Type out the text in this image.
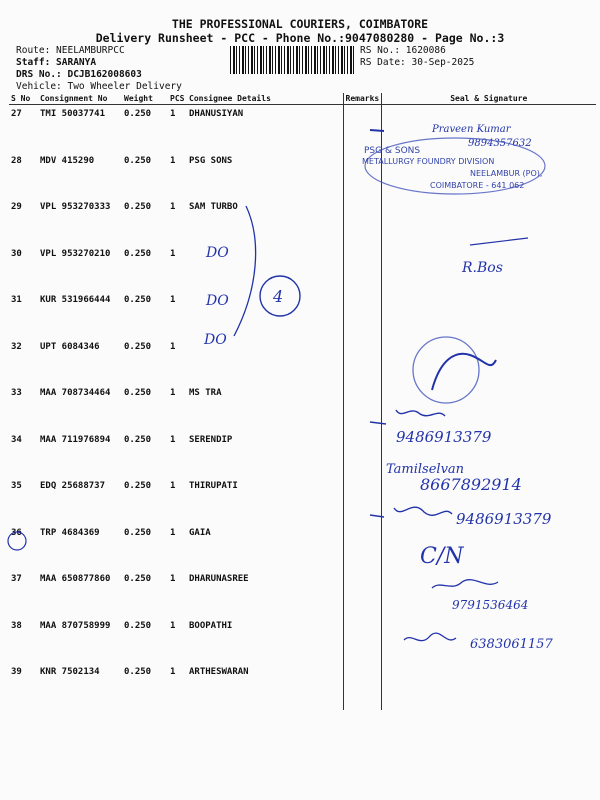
THE PROFESSIONAL COURIERS, COIMBATORE
Delivery Runsheet - PCC - Phone No.:9047080280 - Page No.:3
Route: NEELAMBURPCC
Staff: SARANYA
DRS No.: DCJB162008603
Vehicle: Two Wheeler Delivery
RS No.: 1620086
RS Date: 30-Sep-2025
S No	Consignment No	Weight	PCS	Consignee Details	Remarks	Seal & Signature
27	TMI 50037741	0.250	1	DHANUSIYAN		
28	MDV 415290	0.250	1	PSG SONS		
29	VPL 953270333	0.250	1	SAM TURBO		
30	VPL 953270210	0.250	1			
31	KUR 531966444	0.250	1			
32	UPT 6084346	0.250	1			
33	MAA 708734464	0.250	1	MS TRA		
34	MAA 711976894	0.250	1	SERENDIP		
35	EDQ 25688737	0.250	1	THIRUPATI		
36	TRP 4684369	0.250	1	GAIA		
37	MAA 650877860	0.250	1	DHARUNASREE		
38	MAA 870758999	0.250	1	BOOPATHI		
39	KNR 7502134	0.250	1	ARTHESWARAN		
Praveen Kumar
9894357632
PSG & SONS
METALLURGY FOUNDRY DIVISION
NEELAMBUR (PO),
COIMBATORE - 641 062
DO
DO
DO
4
R.Bos
9486913379
Tamilselvan
8667892914
9486913379
C/N
9791536464
6383061157
